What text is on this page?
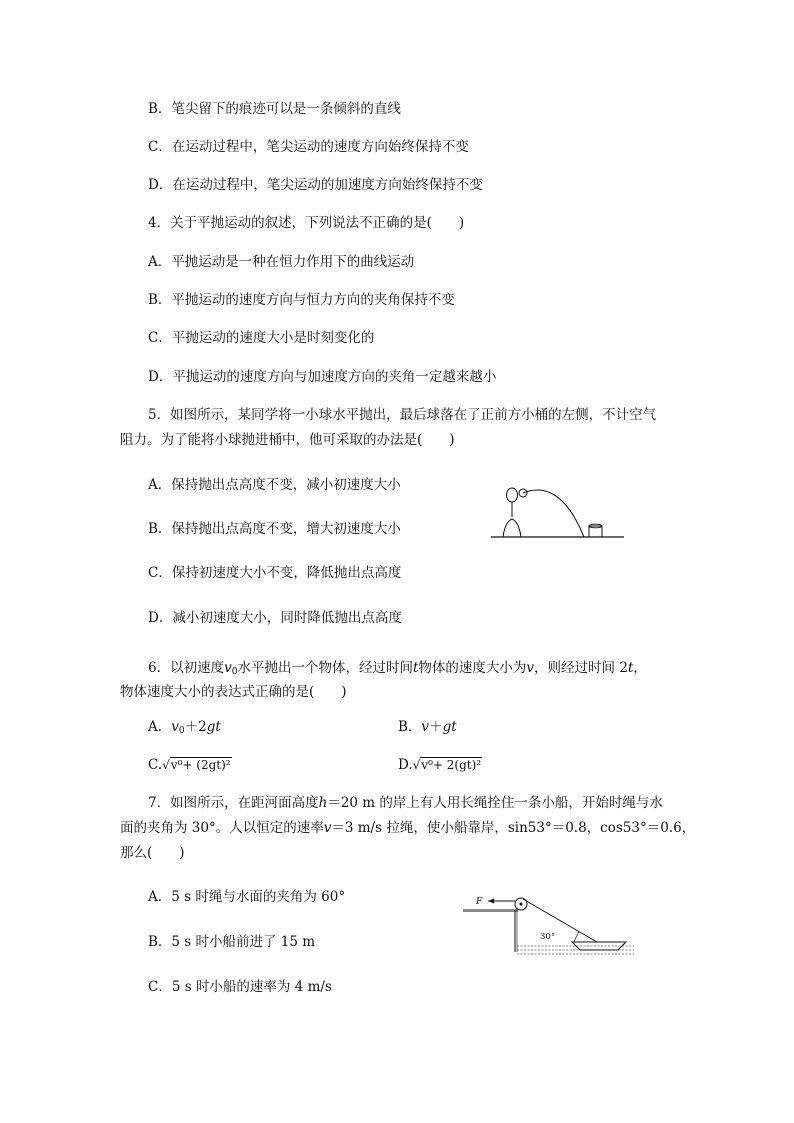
B．笔尖留下的痕迹可以是一条倾斜的直线
C．在运动过程中，笔尖运动的速度方向始终保持不变
D．在运动过程中，笔尖运动的加速度方向始终保持不变
4．关于平抛运动的叙述，下列说法不正确的是(　　)
A．平抛运动是一种在恒力作用下的曲线运动
B．平抛运动的速度方向与恒力方向的夹角保持不变
C．平抛运动的速度大小是时刻变化的
D．平抛运动的速度方向与加速度方向的夹角一定越来越小
5．如图所示，某同学将一小球水平抛出，最后球落在了正前方小桶的左侧，不计空气
阻力。为了能将小球抛进桶中，他可采取的办法是(　　)
A．保持抛出点高度不变，减小初速度大小
B．保持抛出点高度不变，增大初速度大小
C．保持初速度大小不变，降低抛出点高度
D．减小初速度大小，同时降低抛出点高度
6．以初速度$v_0$水平抛出一个物体，经过时间t物体的速度大小为v，则经过时间 2t，
物体速度大小的表达式正确的是(　　)
A．$v_0+2gt$	B．v＋gt
C.√v⁰+ (2gt)²	D.√v⁰+ 2(gt)²
7．如图所示，在距河面高度h＝20 m 的岸上有人用长绳拴住一条小船，开始时绳与水
面的夹角为 30°。人以恒定的速率v＝3 m/s 拉绳，使小船靠岸，sin53°＝0.8，cos53°＝0.6，
那么(　　)
A．5 s 时绳与水面的夹角为 60°
B．5 s 时小船前进了 15 m
C．5 s 时小船的速率为 4 m/s
F
30°
